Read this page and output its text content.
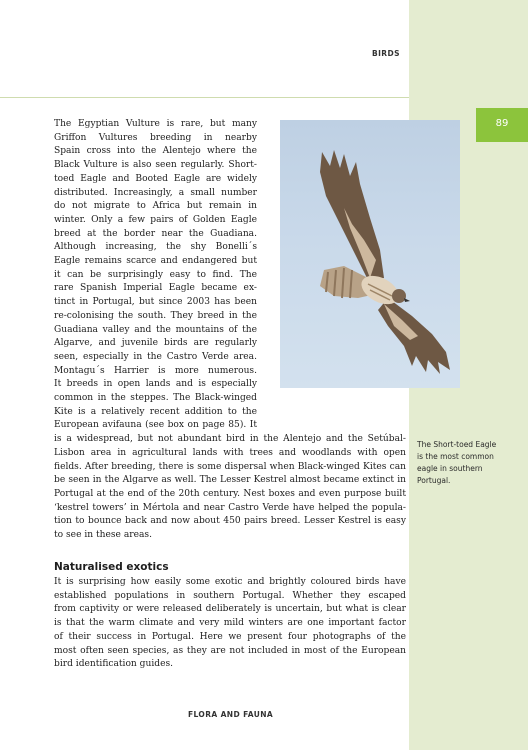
BIRDS
89
The Short-toed Eagle
is the most common
eagle in southern
Portugal.
The Egyptian Vulture is rare, but many
Griffon Vultures breeding in nearby
Spain cross into the Alentejo where the
Black Vulture is also seen regularly. Short-
toed Eagle and Booted Eagle are widely
distributed. Increasingly, a small number
do not migrate to Africa but remain in
winter. Only a few pairs of Golden Eagle
breed at the border near the Guadiana.
Although increasing, the shy Bonelli´s
Eagle remains scarce and endangered but
it can be surprisingly easy to find. The
rare Spanish Imperial Eagle became ex-
tinct in Portugal, but since 2003 has been
re-colonising the south. They breed in the
Guadiana valley and the mountains of the
Algarve, and juvenile birds are regularly
seen, especially in the Castro Verde area.
Montagu´s Harrier is more numerous.
It breeds in open lands and is especially
common in the steppes. The Black-winged
Kite is a relatively recent addition to the
European avifauna (see box on page 85). It
is a widespread, but not abundant bird in the Alentejo and the Setúbal-
Lisbon area in agricultural lands with trees and woodlands with open
fields. After breeding, there is some dispersal when Black-winged Kites can
be seen in the Algarve as well. The Lesser Kestrel almost became extinct in
Portugal at the end of the 20th century. Nest boxes and even purpose built
‘kestrel towers’ in Mértola and near Castro Verde have helped the popula-
tion to bounce back and now about 450 pairs breed. Lesser Kestrel is easy
to see in these areas.
Naturalised exotics
It is surprising how easily some exotic and brightly coloured birds have
established populations in southern Portugal. Whether they escaped
from captivity or were released deliberately is uncertain, but what is clear
is that the warm climate and very mild winters are one important factor
of their success in Portugal. Here we present four photographs of the
most often seen species, as they are not included in most of the European
bird identification guides.
FLORA AND FAUNA
